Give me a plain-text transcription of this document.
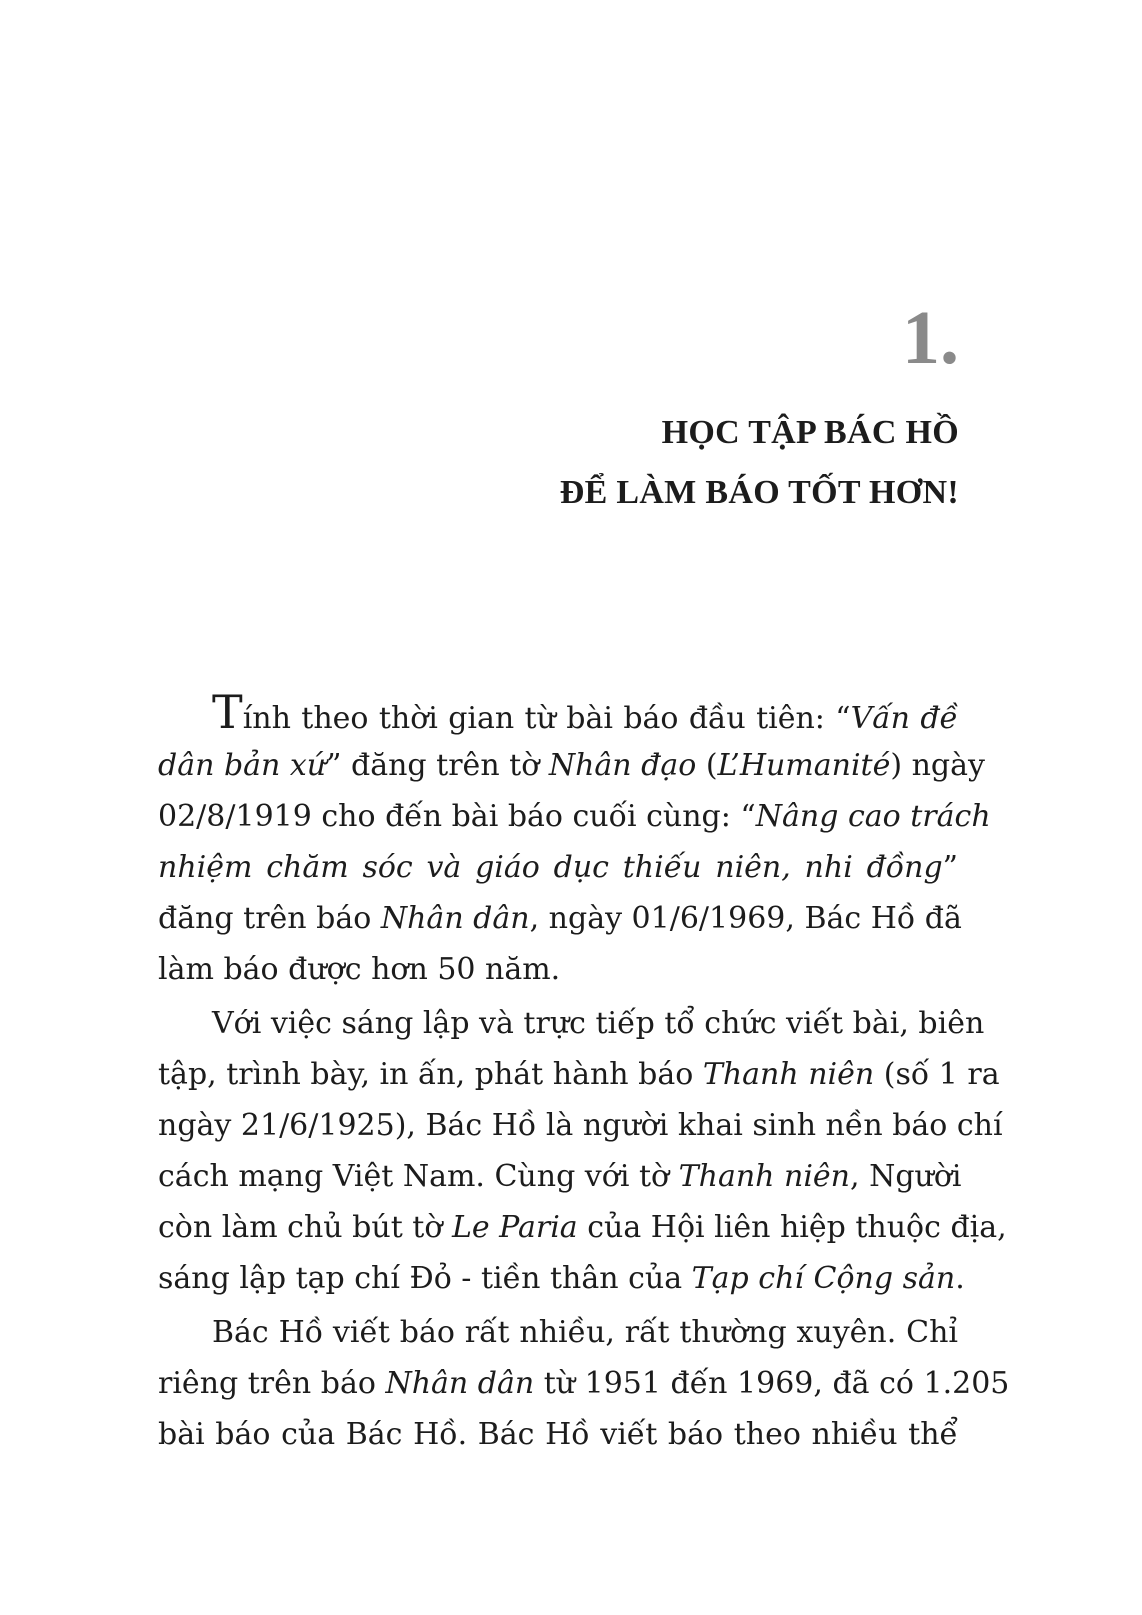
1.
HỌC TẬP BÁC HỒ
ĐỂ LÀM BÁO TỐT HƠN!
Tính theo thời gian từ bài báo đầu tiên: “Vấn đề
dân bản xứ” đăng trên tờ Nhân đạo (L’Humanité) ngày
02/8/1919 cho đến bài báo cuối cùng: “Nâng cao trách
nhiệm chăm sóc và giáo dục thiếu niên, nhi đồng”
đăng trên báo Nhân dân, ngày 01/6/1969, Bác Hồ đã
làm báo được hơn 50 năm.
Với việc sáng lập và trực tiếp tổ chức viết bài, biên
tập, trình bày, in ấn, phát hành báo Thanh niên (số 1 ra
ngày 21/6/1925), Bác Hồ là người khai sinh nền báo chí
cách mạng Việt Nam. Cùng với tờ Thanh niên, Người
còn làm chủ bút tờ Le Paria của Hội liên hiệp thuộc địa,
sáng lập tạp chí Đỏ - tiền thân của Tạp chí Cộng sản.
Bác Hồ viết báo rất nhiều, rất thường xuyên. Chỉ
riêng trên báo Nhân dân từ 1951 đến 1969, đã có 1.205
bài báo của Bác Hồ. Bác Hồ viết báo theo nhiều thể
